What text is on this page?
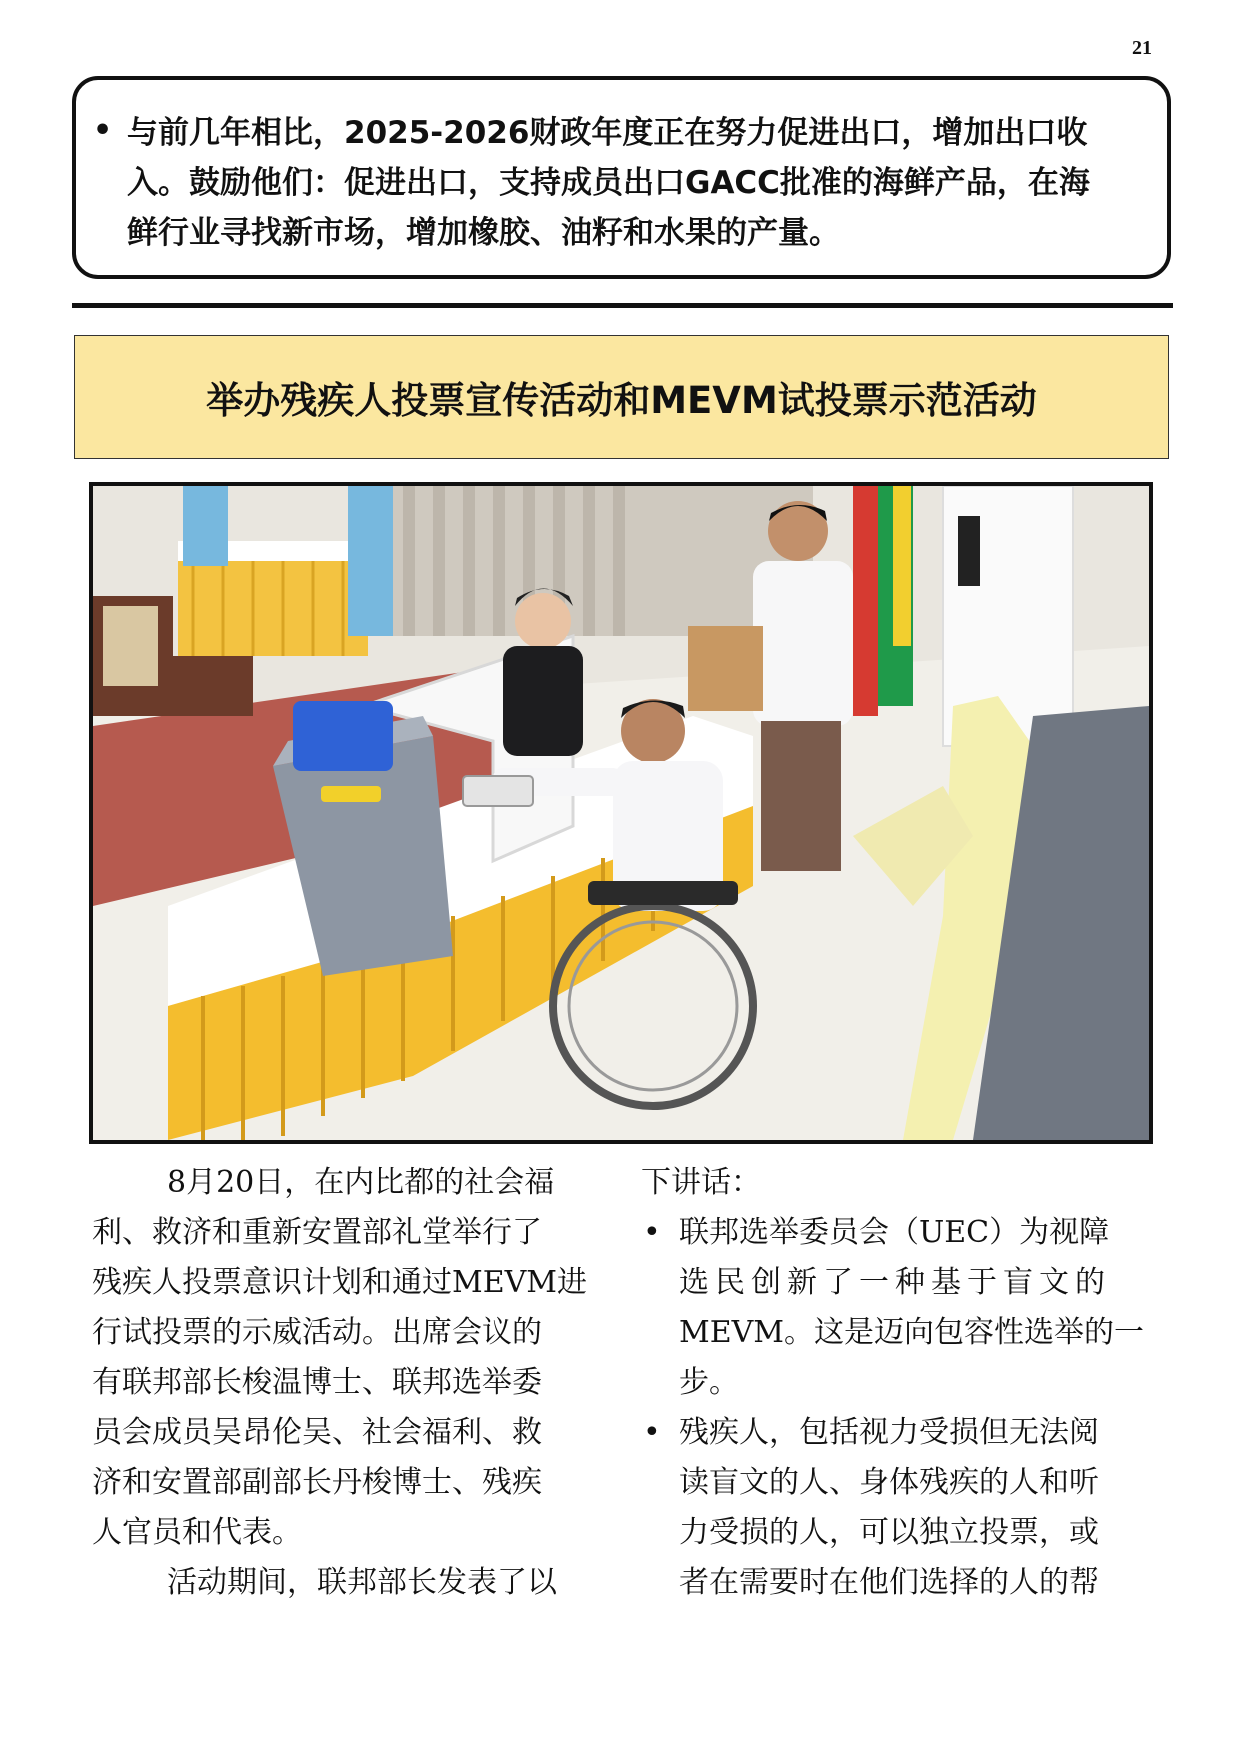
21
• 与前几年相比，2025-2026财政年度正在努力促进出口，增加出口收
入。鼓励他们：促进出口，支持成员出口GACC批准的海鲜产品，在海
鲜行业寻找新市场，增加橡胶、油籽和水果的产量。
举办残疾人投票宣传活动和MEVM试投票示范活动
8月20日，在内比都的社会福
利、救济和重新安置部礼堂举行了
残疾人投票意识计划和通过MEVM进
行试投票的示威活动。出席会议的
有联邦部长梭温博士、联邦选举委
员会成员吴昂伦吴、社会福利、救
济和安置部副部长丹梭博士、残疾
人官员和代表。
活动期间，联邦部长发表了以
下讲话：
• 联邦选举委员会（UEC）为视障
选民创新了一种基于盲文的
MEVM。这是迈向包容性选举的一
步。
• 残疾人，包括视力受损但无法阅
读盲文的人、身体残疾的人和听
力受损的人，可以独立投票，或
者在需要时在他们选择的人的帮
